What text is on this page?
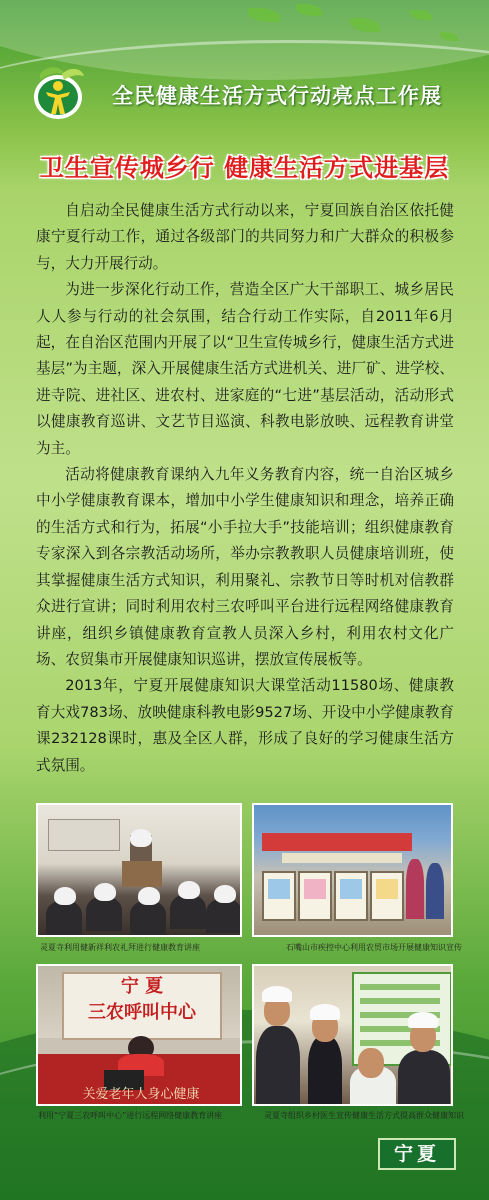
全民健康生活方式行动亮点工作展
卫生宣传城乡行 健康生活方式进基层

自启动全民健康生活方式行动以来，宁夏回族自治区依托健康宁夏行动工作，通过各级部门的共同努力和广大群众的积极参与，大力开展行动。

为进一步深化行动工作，营造全区广大干部职工、城乡居民人人参与行动的社会氛围，结合行动工作实际，自2011年6月起，在自治区范围内开展了以“卫生宣传城乡行，健康生活方式进基层”为主题，深入开展健康生活方式进机关、进厂矿、进学校、进寺院、进社区、进农村、进家庭的“七进”基层活动，活动形式以健康教育巡讲、文艺节目巡演、科教电影放映、远程教育讲堂为主。

活动将健康教育课纳入九年义务教育内容，统一自治区城乡中小学健康教育课本，增加中小学生健康知识和理念，培养正确的生活方式和行为，拓展“小手拉大手”技能培训；组织健康教育专家深入到各宗教活动场所，举办宗教教职人员健康培训班，使其掌握健康生活方式知识，利用聚礼、宗教节日等时机对信教群众进行宣讲；同时利用农村三农呼叫平台进行远程网络健康教育讲座，组织乡镇健康教育宣教人员深入乡村，利用农村文化广场、农贸集市开展健康知识巡讲，摆放宣传展板等。

2013年，宁夏开展健康知识大课堂活动11580场、健康教育大戏783场、放映健康科教电影9527场、开设中小学健康教育课232128课时，惠及全区人群，形成了良好的学习健康生活方式氛围。

灵夏寺利用健新祥利农礼拜进行健康教育讲座	石嘴山市疾控中心利用农贸市场开展健康知识宣传
宁 夏
三农呼叫中心
关爱老年人身心健康
利用“宁夏三农呼叫中心”进行远程网络健康教育讲座	灵夏寺组织乡村医生宣传健康生活方式提高群众健康知识
宁夏
